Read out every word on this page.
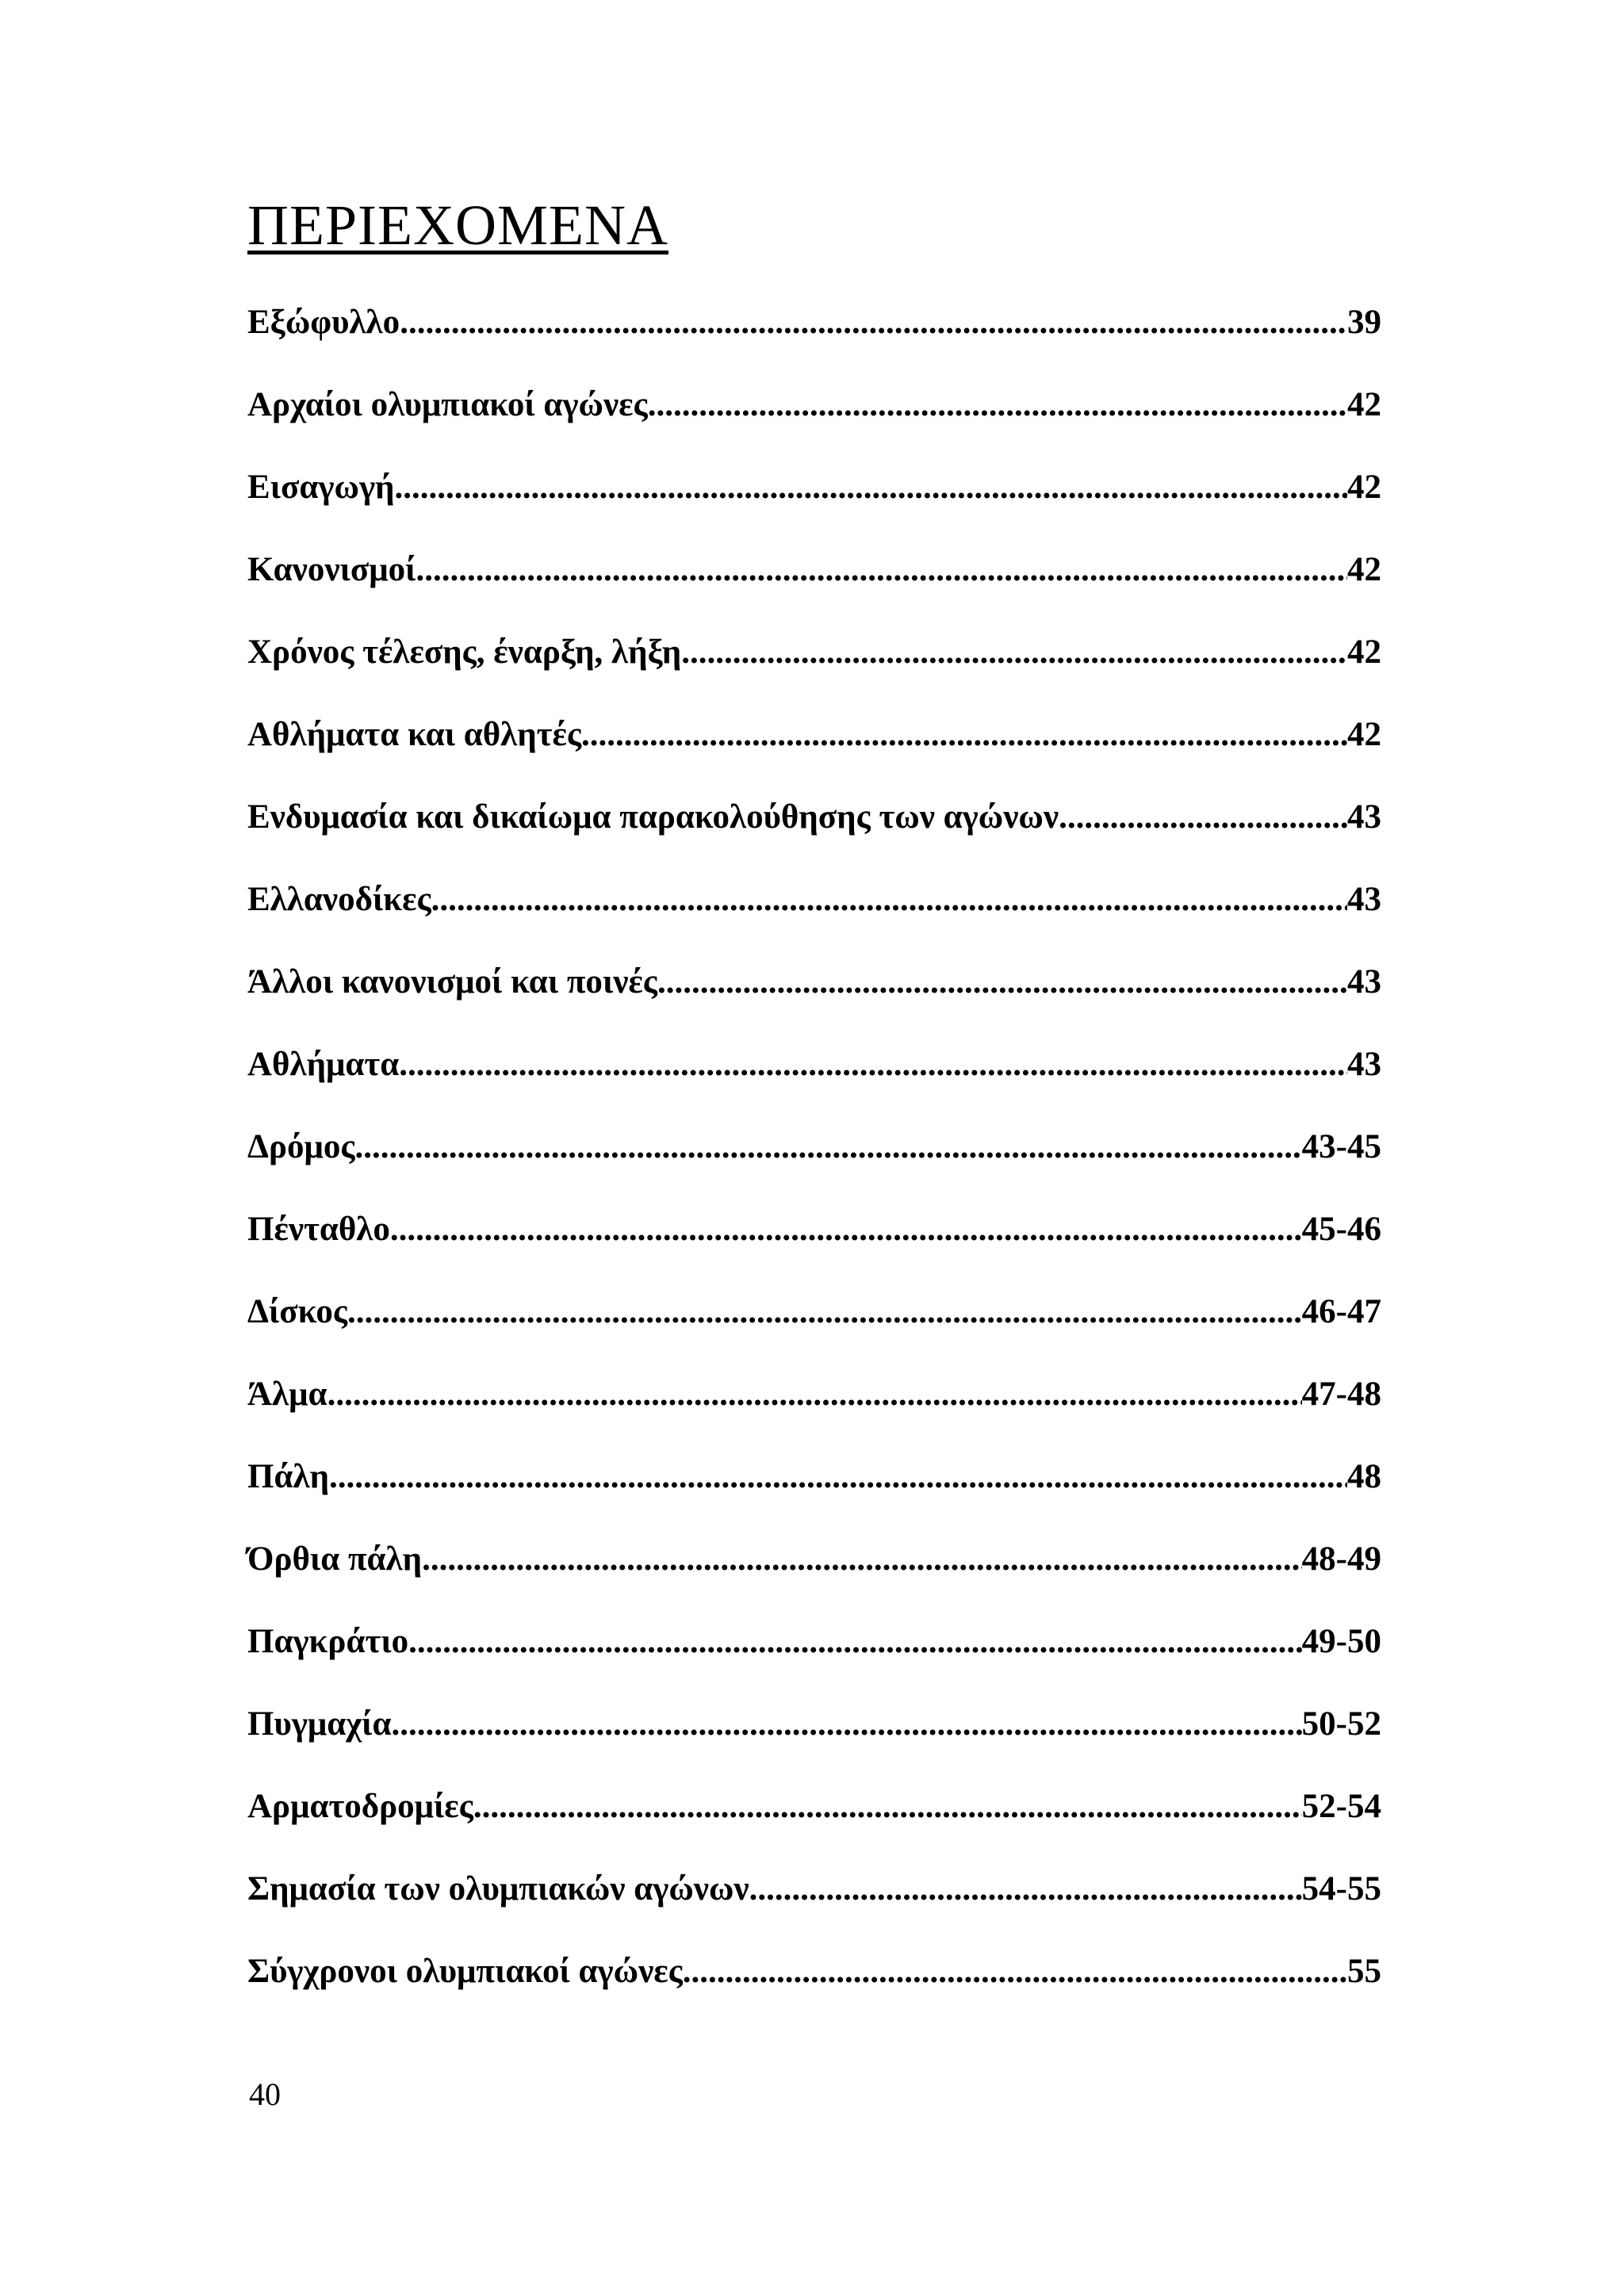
ΠΕΡΙΕΧΟΜΕΝΑ
Εξώφυλλο .....	39
Αρχαίοι ολυμπιακοί αγώνες .....	42
Εισαγωγή .....	42
Κανονισμοί .....	42
Χρόνος τέλεσης, έναρξη, λήξη .....	42
Αθλήματα και αθλητές .....	42
Ενδυμασία και δικαίωμα παρακολούθησης των αγώνων .....	43
Ελλανοδίκες .....	43
Άλλοι κανονισμοί και ποινές .....	43
Αθλήματα .....	43
Δρόμος .....	43-45
Πένταθλο .....	45-46
Δίσκος .....	46-47
Άλμα .....	47-48
Πάλη .....	48
Όρθια πάλη .....	48-49
Παγκράτιο .....	49-50
Πυγμαχία .....	50-52
Αρματοδρομίες .....	52-54
Σημασία των ολυμπιακών αγώνων .....	54-55
Σύγχρονοι ολυμπιακοί αγώνες .....	55
40
